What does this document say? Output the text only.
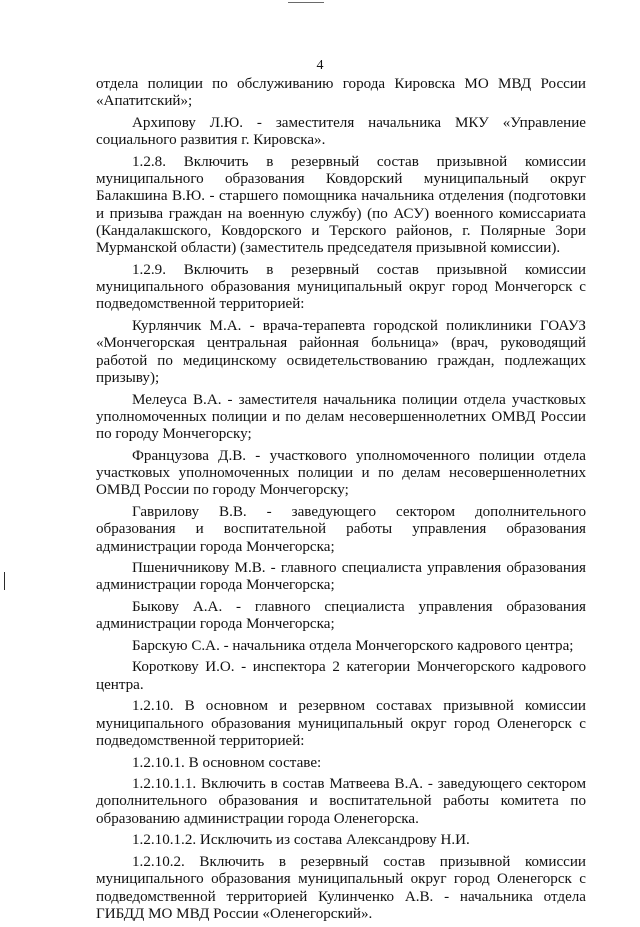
4

отдела полиции по обслуживанию города Кировска МО МВД России «Апатитский»;

Архипову Л.Ю. - заместителя начальника МКУ «Управление социального развития г. Кировска».

1.2.8. Включить в резервный состав призывной комиссии муниципального образования Ковдорский муниципальный округ Балакшина В.Ю. - старшего помощника начальника отделения (подготовки и призыва граждан на военную службу) (по АСУ) военного комиссариата (Кандалакшского, Ковдорского и Терского районов, г. Полярные Зори Мурманской области) (заместитель председателя призывной комиссии).

1.2.9. Включить в резервный состав призывной комиссии муниципального образования муниципальный округ город Мончегорск с подведомственной территорией:

Курлянчик М.А. - врача-терапевта городской поликлиники ГОАУЗ «Мончегорская центральная районная больница» (врач, руководящий работой по медицинскому освидетельствованию граждан, подлежащих призыву);

Мелеуса В.А. - заместителя начальника полиции отдела участковых уполномоченных полиции и по делам несовершеннолетних ОМВД России по городу Мончегорску;

Французова Д.В. - участкового уполномоченного полиции отдела участковых уполномоченных полиции и по делам несовершеннолетних ОМВД России по городу Мончегорску;

Гаврилову В.В. - заведующего сектором дополнительного образования и воспитательной работы управления образования администрации города Мончегорска;

Пшеничникову М.В. - главного специалиста управления образования администрации города Мончегорска;

Быкову А.А. - главного специалиста управления образования администрации города Мончегорска;

Барскую С.А. - начальника отдела Мончегорского кадрового центра;

Короткову И.О. - инспектора 2 категории Мончегорского кадрового центра.

1.2.10. В основном и резервном составах призывной комиссии муниципального образования муниципальный округ город Оленегорск с подведомственной территорией:

1.2.10.1. В основном составе:

1.2.10.1.1. Включить в состав Матвеева В.А. - заведующего сектором дополнительного образования и воспитательной работы комитета по образованию администрации города Оленегорска.

1.2.10.1.2. Исключить из состава Александрову Н.И.

1.2.10.2. Включить в резервный состав призывной комиссии муниципального образования муниципальный округ город Оленегорск с подведомственной территорией Кулинченко А.В. - начальника отдела ГИБДД МО МВД России «Оленегорский».
